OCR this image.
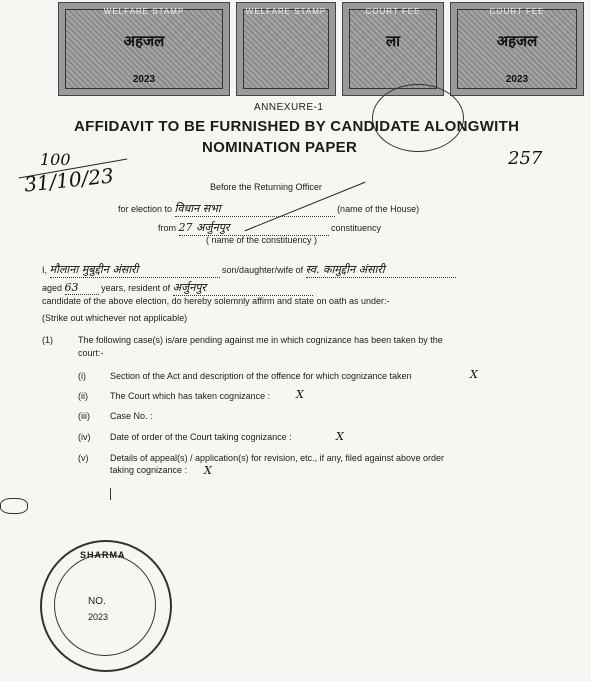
WELFARE STAMP
अहजल
2023
WELFARE STAMP	COURT FEE
ला
COURT FEE
अहजल
2023
ANNEXURE-1
AFFIDAVIT TO BE FURNISHED BY CANDIDATE ALONGWITH
NOMINATION PAPER
100
31/10/23
257
Before the Returning Officer
for election to विधान सभा	(name of the House)
from 27 अर्जुनपुर	constituency
( name of the constituency )
I, मौलाना मुबुद्दीन अंसारी	son/daughter/wife of स्व. कामुद्दीन अंसारी
aged 63	years, resident of अर्जुनपुर
candidate of the above election, do hereby solemnly affirm and state on oath as under:-
(Strike out whichever not applicable)
(1)	The following case(s) is/are pending against me in which cognizance has been taken by the
court:-
(i)	Section of the Act and description of the offence for which cognizance taken	X
(ii) The Court which has taken cognizance : X
(iii) Case No. :
(iv) Date of order of the Court taking cognizance :	X
(v) Details of appeal(s) / application(s) for revision, etc., if any, filed against above order
taking cognizance : X
SHARMA
NO.
2023
